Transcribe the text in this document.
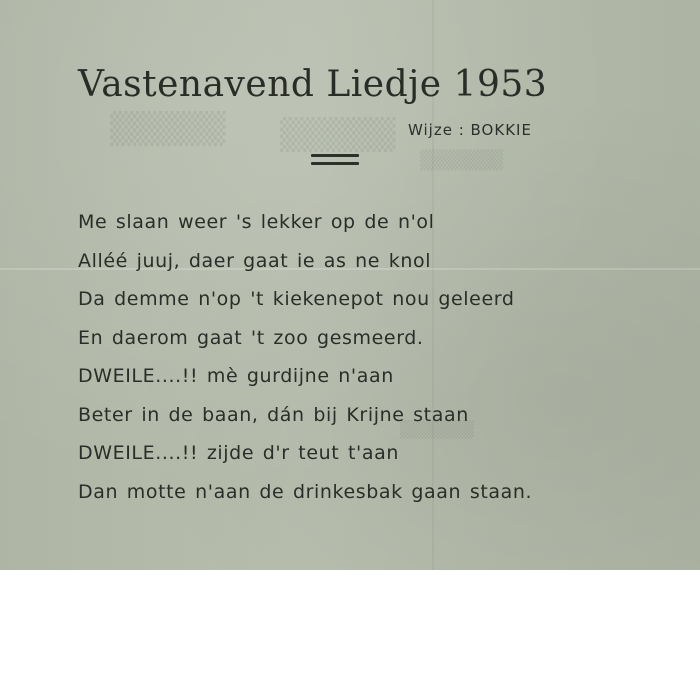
▒▒▒▒▒ ▒▒▒▒▒
▒▒▒▒▒▒
▒▒▒▒▒▒
Vastenavend Liedje 1953
Wijze : BOKKIE
Me slaan weer 's lekker op de n'ol
Alléé juuj, daer gaat ie as ne knol
Da demme n'op 't kiekenepot nou geleerd
En daerom gaat 't zoo gesmeerd.
DWEILE....!! mè gurdijne n'aan
Beter in de baan, dán bij Krijne staan
DWEILE....!! zijde d'r teut t'aan
Dan motte n'aan de drinkesbak gaan staan.
